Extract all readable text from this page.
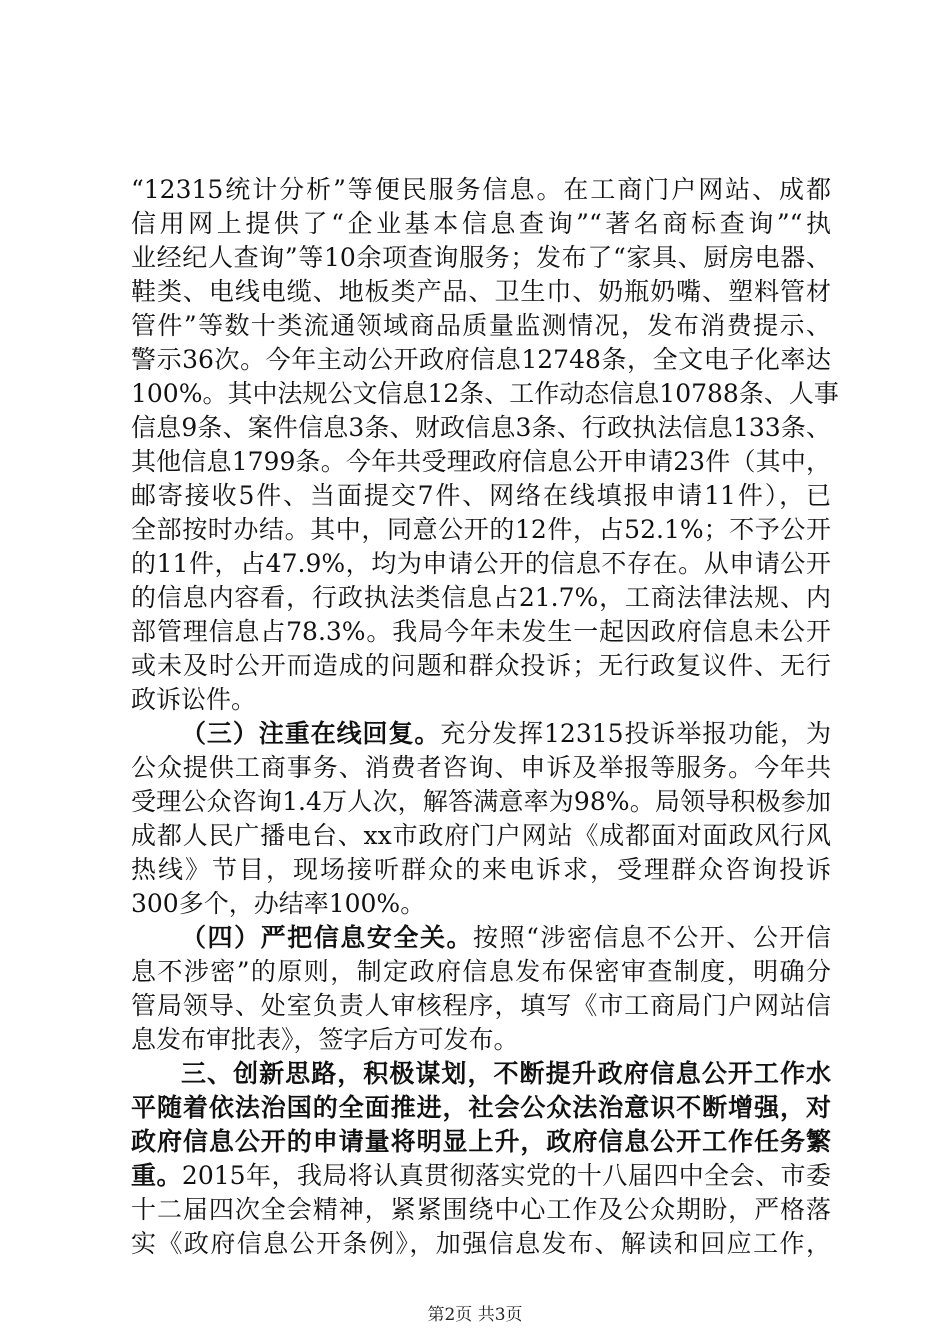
“12315统计分析”等便民服务信息。在工商门户网站、成都
信用网上提供了“企业基本信息查询”“著名商标查询”“执
业经纪人查询”等10余项查询服务；发布了“家具、厨房电器、
鞋类、电线电缆、地板类产品、卫生巾、奶瓶奶嘴、塑料管材
管件”等数十类流通领域商品质量监测情况，发布消费提示、
警示36次。今年主动公开政府信息12748条，全文电子化率达
100%。其中法规公文信息12条、工作动态信息10788条、人事
信息9条、案件信息3条、财政信息3条、行政执法信息133条、
其他信息1799条。今年共受理政府信息公开申请23件（其中，
邮寄接收5件、当面提交7件、网络在线填报申请11件），已
全部按时办结。其中，同意公开的12件，占52.1%；不予公开
的11件，占47.9%，均为申请公开的信息不存在。从申请公开
的信息内容看，行政执法类信息占21.7%，工商法律法规、内
部管理信息占78.3%。我局今年未发生一起因政府信息未公开
或未及时公开而造成的问题和群众投诉；无行政复议件、无行
政诉讼件。
（三）注重在线回复。充分发挥12315投诉举报功能，为
公众提供工商事务、消费者咨询、申诉及举报等服务。今年共
受理公众咨询1.4万人次，解答满意率为98%。局领导积极参加
成都人民广播电台、xx市政府门户网站《成都面对面政风行风
热线》节目，现场接听群众的来电诉求，受理群众咨询投诉
300多个，办结率100%。
（四）严把信息安全关。按照“涉密信息不公开、公开信
息不涉密”的原则，制定政府信息发布保密审查制度，明确分
管局领导、处室负责人审核程序，填写《市工商局门户网站信
息发布审批表》，签字后方可发布。
三、创新思路，积极谋划，不断提升政府信息公开工作水
平随着依法治国的全面推进，社会公众法治意识不断增强，对
政府信息公开的申请量将明显上升，政府信息公开工作任务繁
重。2015年，我局将认真贯彻落实党的十八届四中全会、市委
十二届四次全会精神，紧紧围绕中心工作及公众期盼，严格落
实《政府信息公开条例》，加强信息发布、解读和回应工作，
第2页 共3页
